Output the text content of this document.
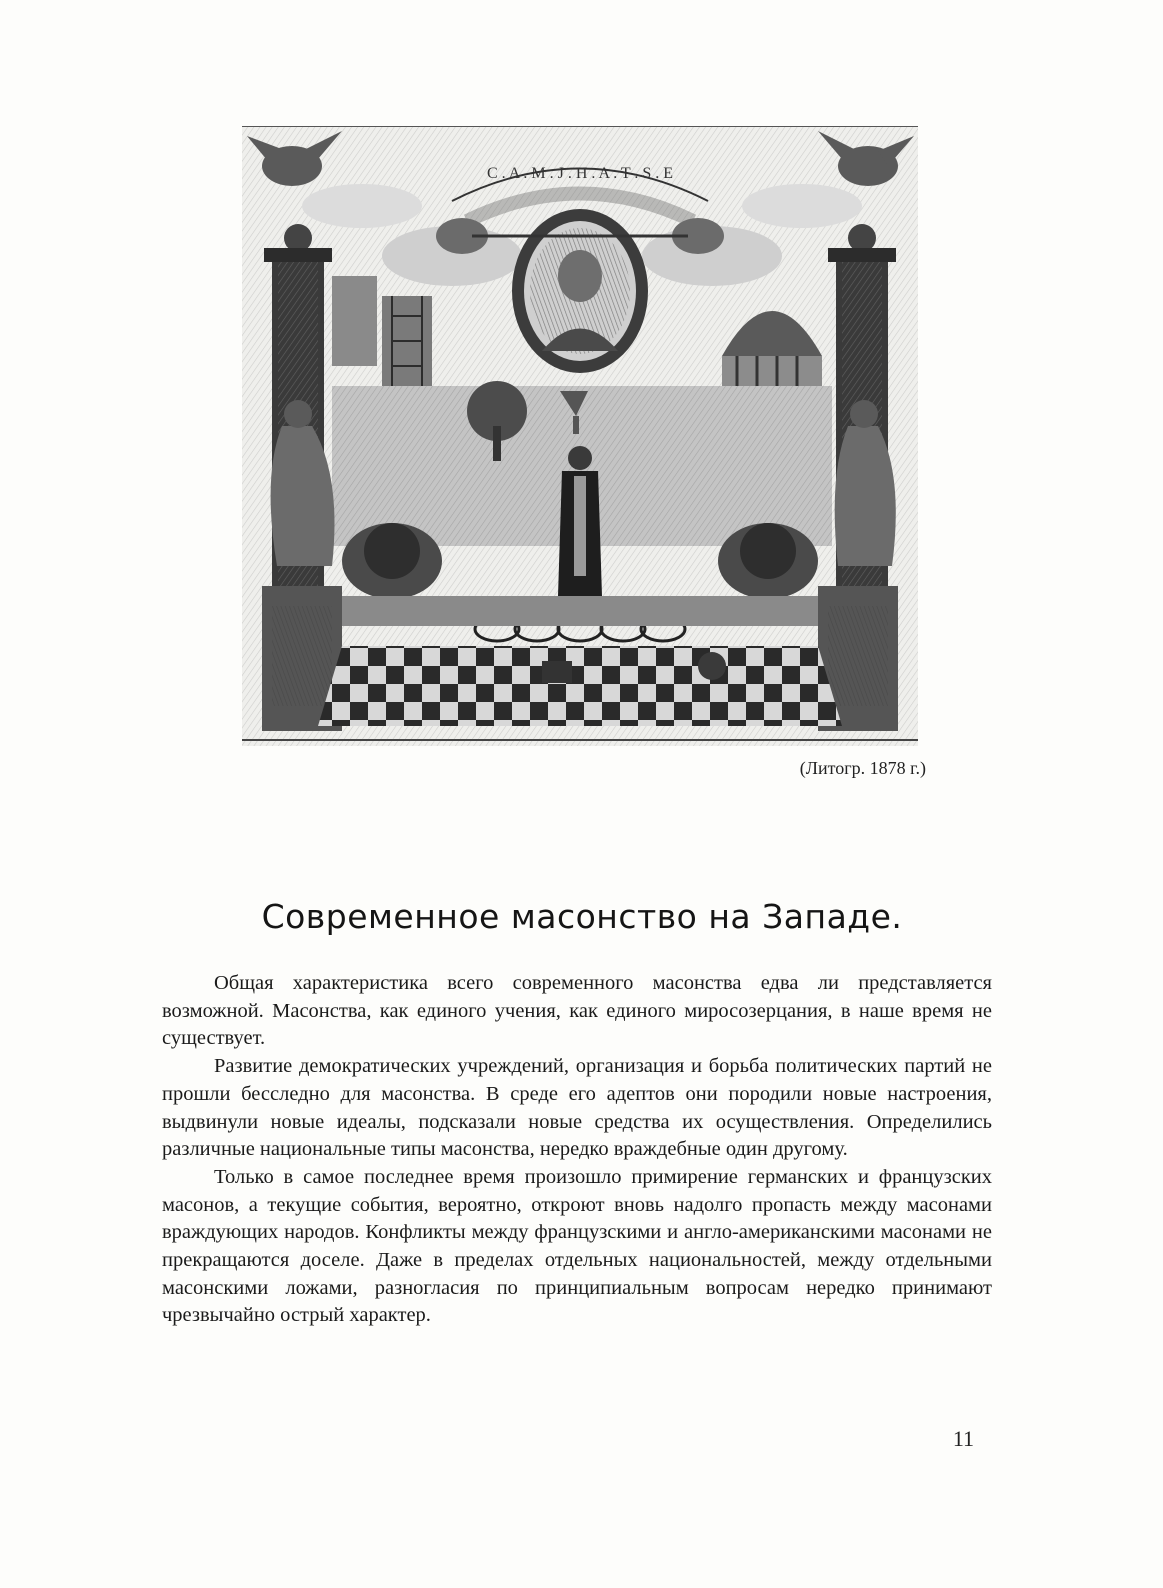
C . A . M . J . H . A . T . S . E
(Литогр. 1878 г.)
Современное масонство на Западе.

Общая характеристика всего современного масонства едва ли представляется возможной. Масонства, как единого учения, как единого миросозерцания, в наше время не существует.

Развитие демократических учреждений, организация и борьба политических партий не прошли бесследно для масонства. В среде его адептов они породили новые настроения, выдвинули новые идеалы, подсказали новые средства их осуществления. Определились различные национальные типы масонства, нередко враждебные один другому.

Только в самое последнее время произошло примирение германских и французских масонов, а текущие события, вероятно, откроют вновь надолго пропасть между масонами враждующих народов. Конфликты между французскими и англо-американскими масонами не прекращаются доселе. Даже в пределах отдельных национальностей, между отдельными масонскими ложами, разногласия по принципиальным вопросам нередко принимают чрезвычайно острый характер.

11
